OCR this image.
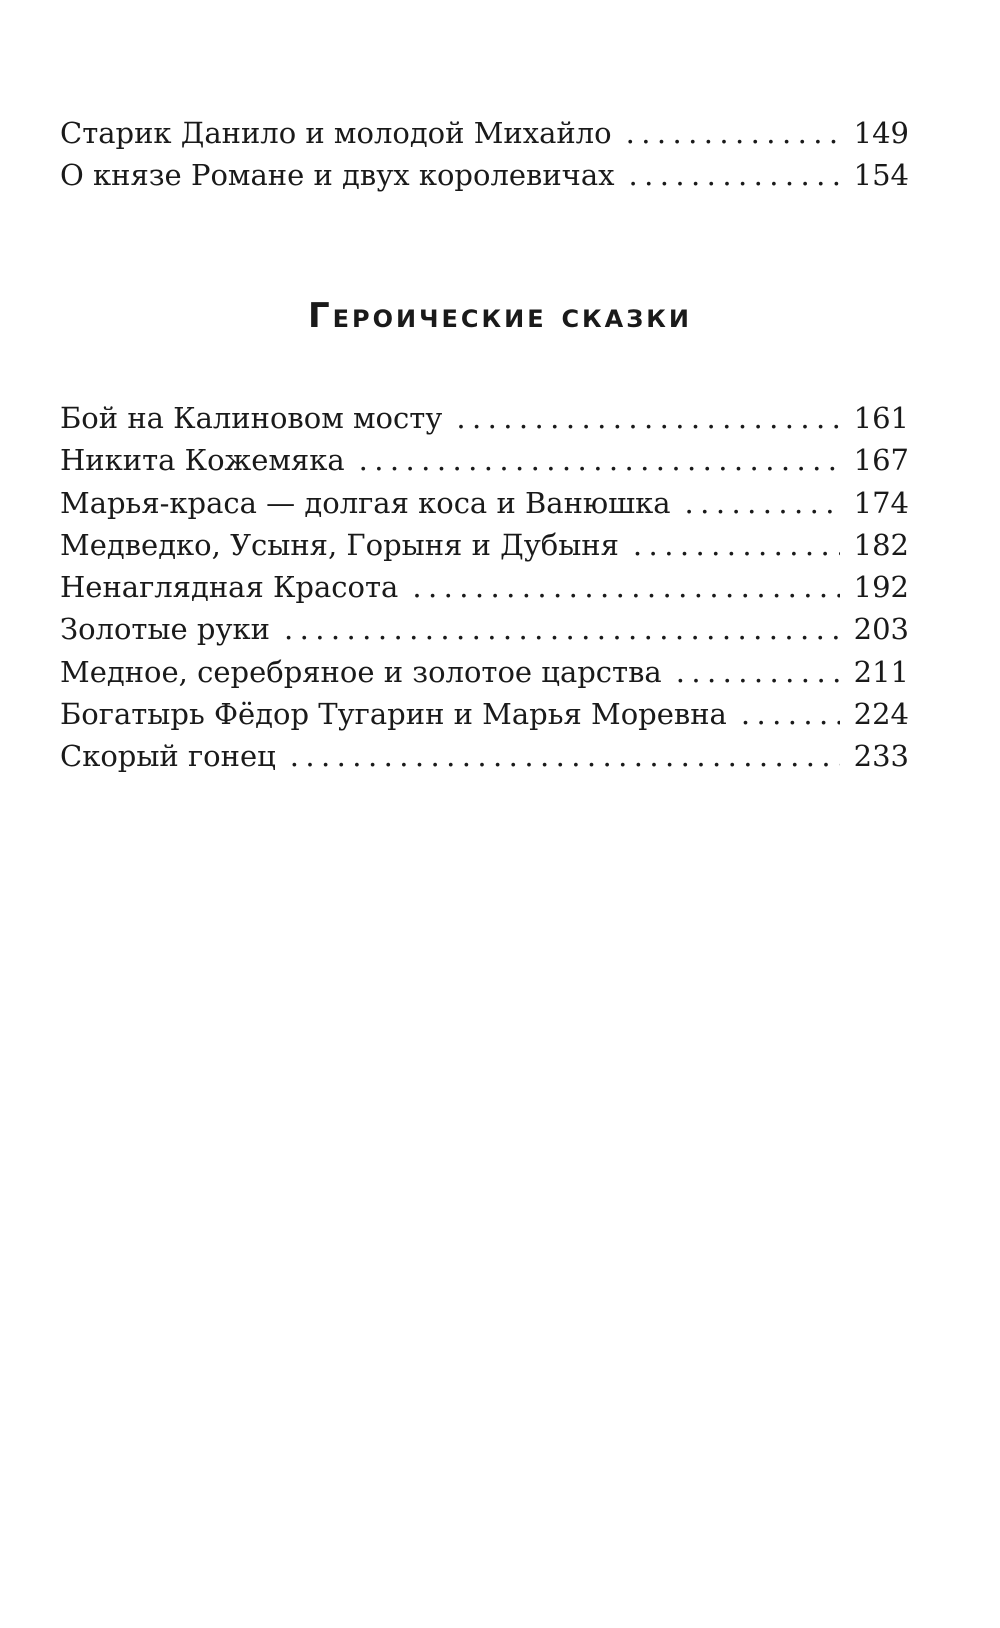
Старик Данило и молодой Михайло . . .	149
О князе Романе и двух королевичах . . .	154
Героические сказки
Бой на Калиновом мосту . . .	161
Никита Кожемяка . . .	167
Марья-краса — долгая коса и Ванюшка . . .	174
Медведко, Усыня, Горыня и Дубыня . . .	182
Ненаглядная Красота . . .	192
Золотые руки . . .	203
Медное, серебряное и золотое царства . . .	211
Богатырь Фёдор Тугарин и Марья Моревна . . .	224
Скорый гонец . . .	233
